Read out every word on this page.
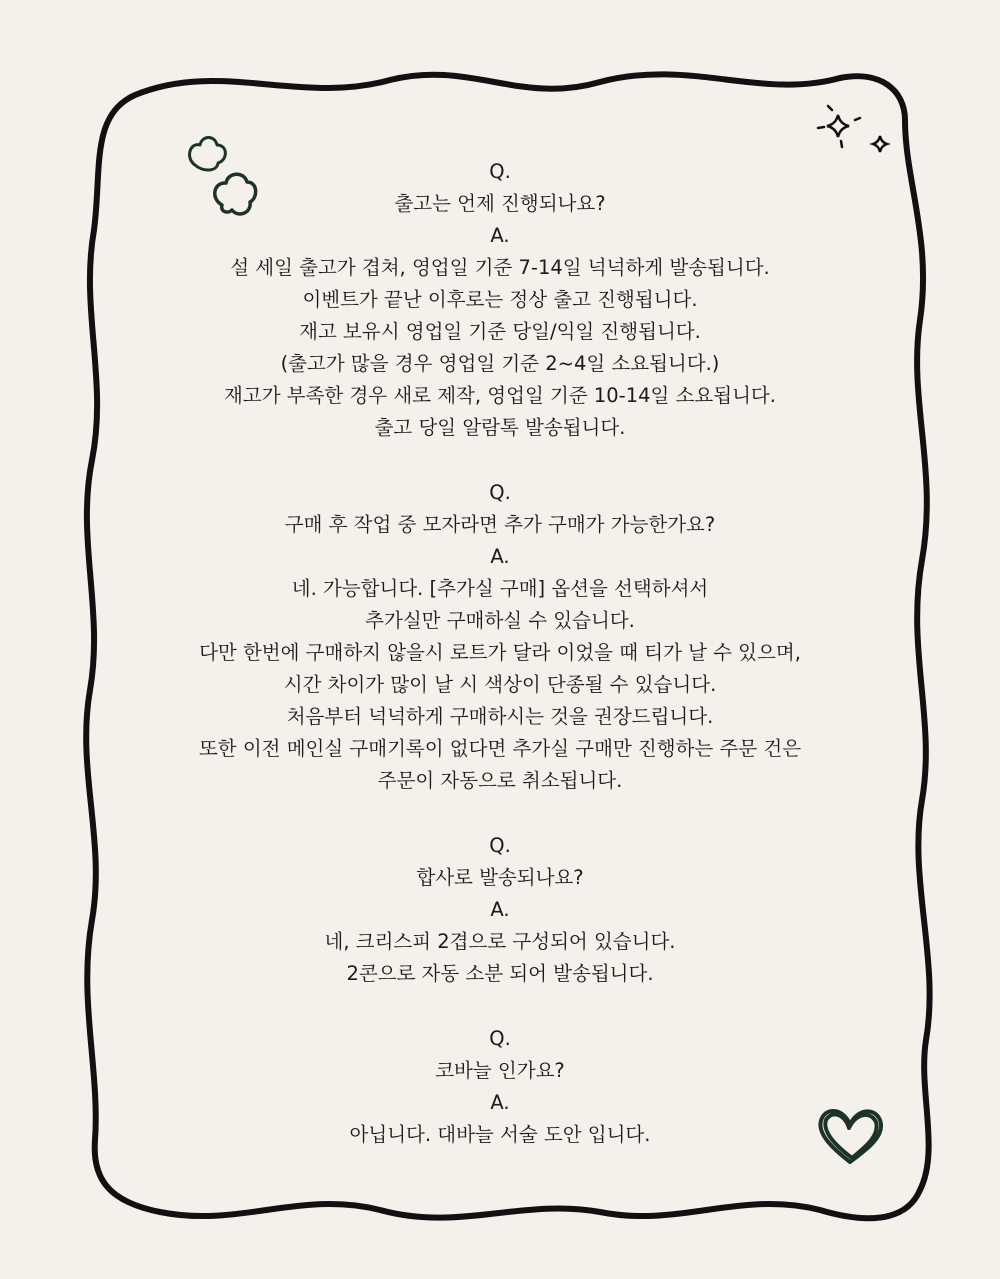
Q.
출고는 언제 진행되나요?
A.
설 세일 출고가 겹쳐, 영업일 기준 7-14일 넉넉하게 발송됩니다.
이벤트가 끝난 이후로는 정상 출고 진행됩니다.
재고 보유시 영업일 기준 당일/익일 진행됩니다.
(출고가 많을 경우 영업일 기준 2~4일 소요됩니다.)
재고가 부족한 경우 새로 제작, 영업일 기준 10-14일 소요됩니다.
출고 당일 알람톡 발송됩니다.
Q.
구매 후 작업 중 모자라면 추가 구매가 가능한가요?
A.
네. 가능합니다. [추가실 구매] 옵션을 선택하셔서
추가실만 구매하실 수 있습니다.
다만 한번에 구매하지 않을시 로트가 달라 이었을 때 티가 날 수 있으며,
시간 차이가 많이 날 시 색상이 단종될 수 있습니다.
처음부터 넉넉하게 구매하시는 것을 권장드립니다.
또한 이전 메인실 구매기록이 없다면 추가실 구매만 진행하는 주문 건은
주문이 자동으로 취소됩니다.
Q.
합사로 발송되나요?
A.
네, 크리스피 2겹으로 구성되어 있습니다.
2콘으로 자동 소분 되어 발송됩니다.
Q.
코바늘 인가요?
A.
아닙니다. 대바늘 서술 도안 입니다.
